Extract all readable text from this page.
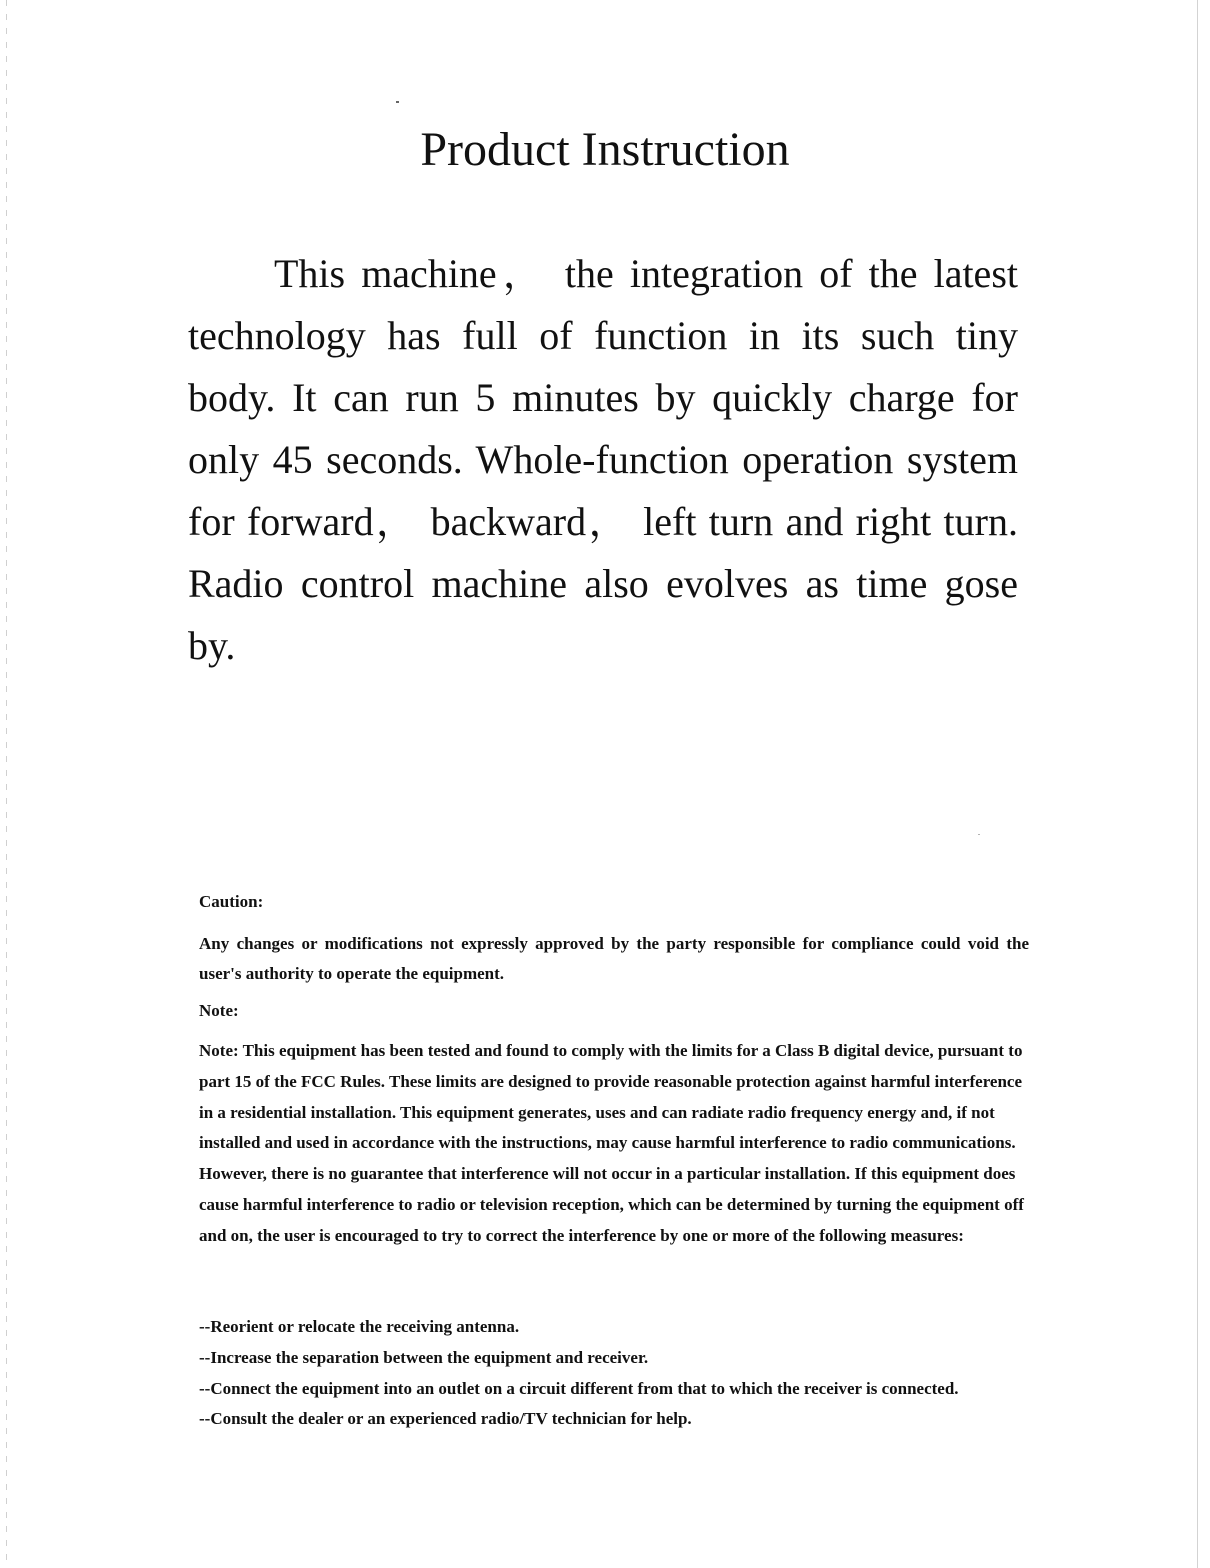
Product Instruction

This machine， the integration of the latest technology has full of function in its such tiny body. It can run 5 minutes by quickly charge for only 45 seconds. Whole-function operation system for forward， backward， left turn and right turn. Radio control machine also evolves as time gose by.

Caution:

Any changes or modifications not expressly approved by the party responsible for compliance could void the user's authority to operate the equipment.

Note:

Note: This equipment has been tested and found to comply with the limits for a Class B digital device, pursuant to part 15 of the FCC Rules. These limits are designed to provide reasonable protection against harmful interference in a residential installation. This equipment generates, uses and can radiate radio frequency energy and, if not installed and used in accordance with the instructions, may cause harmful interference to radio communications. However, there is no guarantee that interference will not occur in a particular installation. If this equipment does cause harmful interference to radio or television reception, which can be determined by turning the equipment off and on, the user is encouraged to try to correct the interference by one or more of the following measures:

--Reorient or relocate the receiving antenna.
--Increase the separation between the equipment and receiver.
--Connect the equipment into an outlet on a circuit different from that to which the receiver is connected.
--Consult the dealer or an experienced radio/TV technician for help.
